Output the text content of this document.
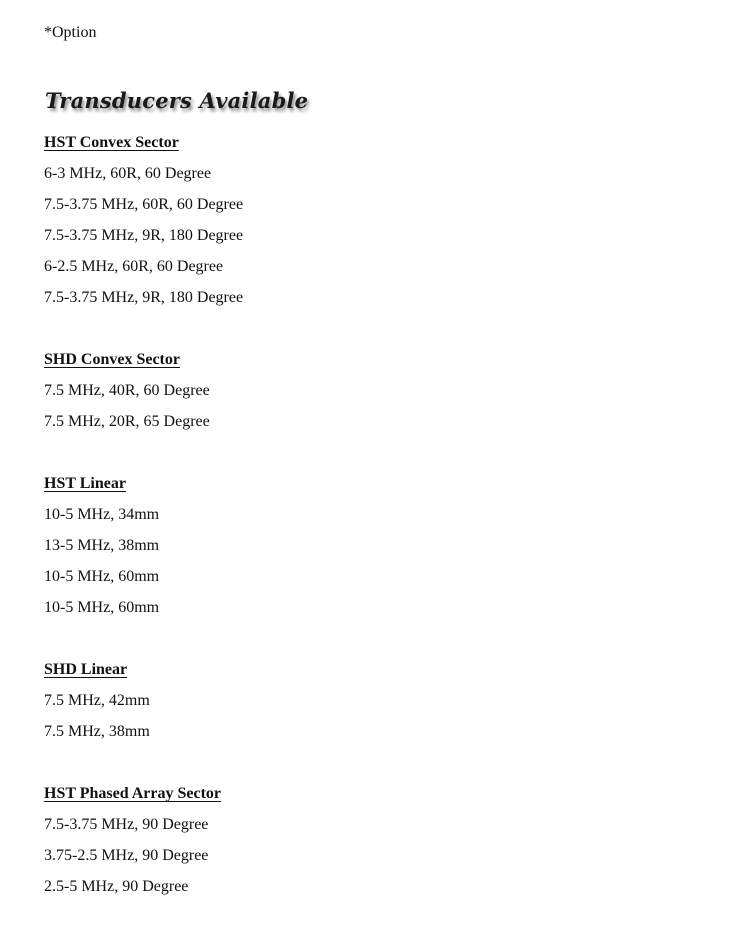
*Option
Transducers Available
HST Convex Sector
6-3 MHz, 60R, 60 Degree
7.5-3.75 MHz, 60R, 60 Degree
7.5-3.75 MHz, 9R, 180 Degree
6-2.5 MHz, 60R, 60 Degree
7.5-3.75 MHz, 9R, 180 Degree
SHD Convex Sector
7.5 MHz, 40R, 60 Degree
7.5 MHz, 20R, 65 Degree
HST Linear
10-5 MHz, 34mm
13-5 MHz, 38mm
10-5 MHz, 60mm
10-5 MHz, 60mm
SHD Linear
7.5 MHz, 42mm
7.5 MHz, 38mm
HST Phased Array Sector
7.5-3.75 MHz, 90 Degree
3.75-2.5 MHz, 90 Degree
2.5-5 MHz, 90 Degree
